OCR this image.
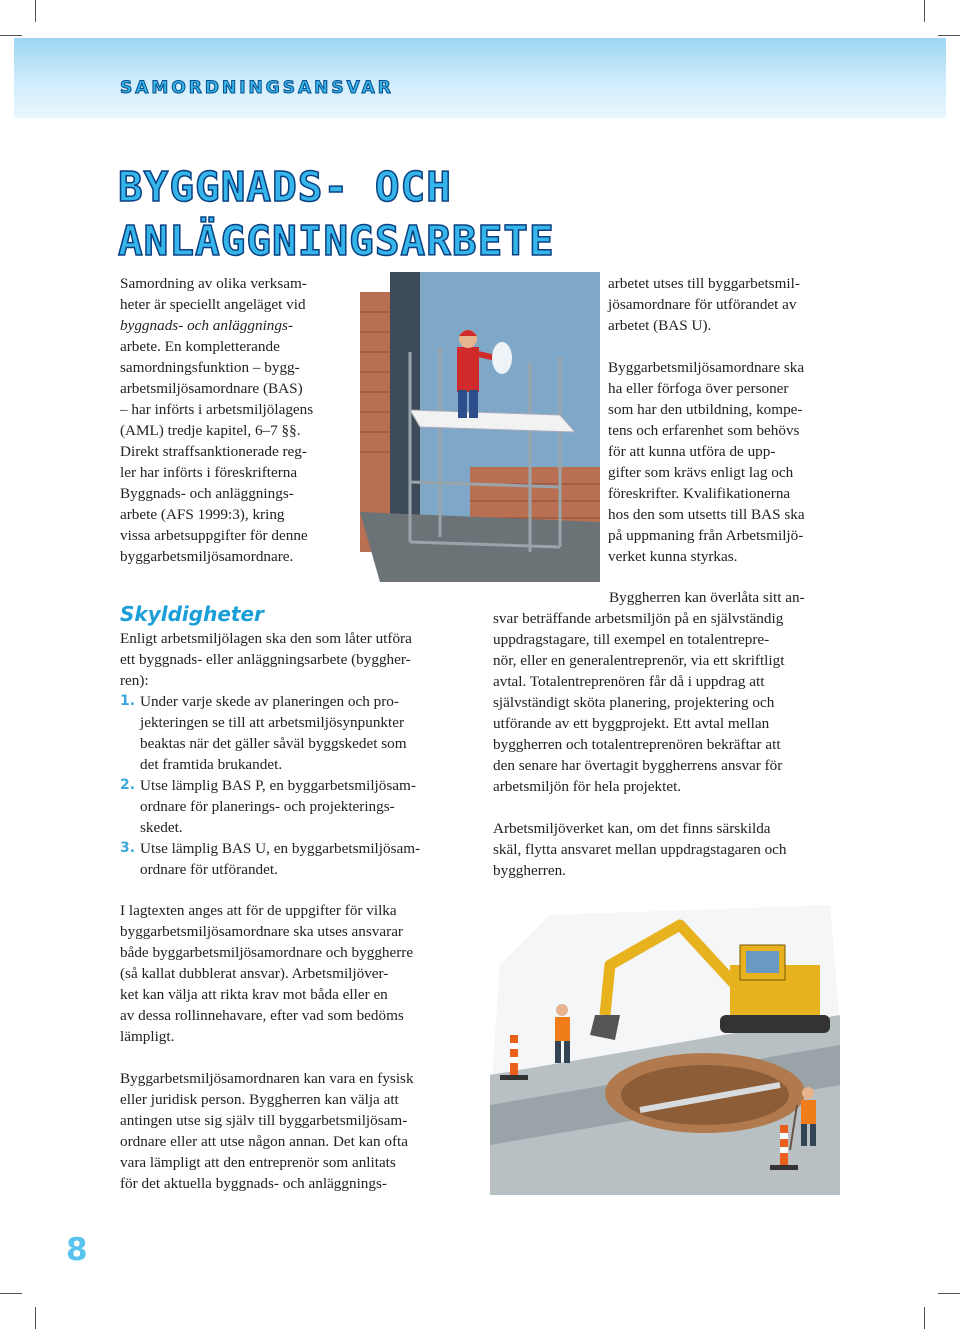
SAMORDNINGSANSVAR
BYGGNADS- OCH
ANLÄGGNINGSARBETE

Samordning av olika verksam-

heter är speciellt angeläget vid

byggnads- och anläggnings-

arbete. En kompletterande

samordningsfunktion – bygg-

arbetsmiljösamordnare (BAS)

– har införts i arbetsmiljölagens

(AML) tredje kapitel, 6–7 §§.

Direkt straffsanktionerade reg-

ler har införts i föreskrifterna

Byggnads- och anläggnings-

arbete (AFS 1999:3), kring

vissa arbetsuppgifter för denne

byggarbetsmiljösamordnare.

arbetet utses till byggarbetsmil-

jösamordnare för utförandet av

arbetet (BAS U).

Byggarbetsmiljösamordnare ska

ha eller förfoga över personer

som har den utbildning, kompe-

tens och erfarenhet som behövs

för att kunna utföra de upp-

gifter som krävs enligt lag och

föreskrifter. Kvalifikationerna

hos den som utsetts till BAS ska

på uppmaning från Arbetsmiljö-

verket kunna styrkas.

Skyldigheter

Enligt arbetsmiljölagen ska den som låter utföra

ett byggnads- eller anläggningsarbete (byggher-

ren):

1. Under varje skede av planeringen och pro-

jekteringen se till att arbetsmiljösynpunkter

beaktas när det gäller såväl byggskedet som

det framtida brukandet.

2. Utse lämplig BAS P, en byggarbetsmiljösam-

ordnare för planerings- och projekterings-

skedet.

3. Utse lämplig BAS U, en byggarbetsmiljösam-

ordnare för utförandet.

Byggherren kan överlåta sitt an-

svar beträffande arbetsmiljön på en självständig

uppdragstagare, till exempel en totalentrepre-

nör, eller en generalentreprenör, via ett skriftligt

avtal. Totalentreprenören får då i uppdrag att

självständigt sköta planering, projektering och

utförande av ett byggprojekt. Ett avtal mellan

byggherren och totalentreprenören bekräftar att

den senare har övertagit byggherrens ansvar för

arbetsmiljön för hela projektet.

Arbetsmiljöverket kan, om det finns särskilda

skäl, flytta ansvaret mellan uppdragstagaren och

byggherren.

I lagtexten anges att för de uppgifter för vilka

byggarbetsmiljösamordnare ska utses ansvarar

både byggarbetsmiljösamordnare och byggherre

(så kallat dubblerat ansvar). Arbetsmiljöver-

ket kan välja att rikta krav mot båda eller en

av dessa rollinnehavare, efter vad som bedöms

lämpligt.

Byggarbetsmiljösamordnaren kan vara en fysisk

eller juridisk person. Byggherren kan välja att

antingen utse sig själv till byggarbetsmiljösam-

ordnare eller att utse någon annan. Det kan ofta

vara lämpligt att den entreprenör som anlitats

för det aktuella byggnads- och anläggnings-

8
